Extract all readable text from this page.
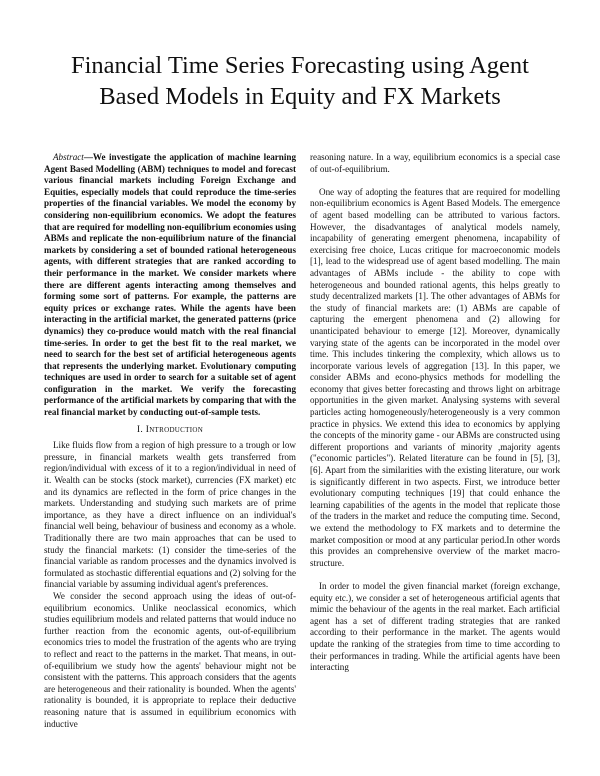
Financial Time Series Forecasting using Agent
Based Models in Equity and FX Markets

Abstract—We investigate the application of machine learning Agent Based Modelling (ABM) techniques to model and forecast various financial markets including Foreign Exchange and Equities, especially models that could reproduce the time-series properties of the financial variables. We model the economy by considering non-equilibrium economics. We adopt the features that are required for modelling non-equilibrium economies using ABMs and replicate the non-equilibrium nature of the financial markets by considering a set of bounded rational heterogeneous agents, with different strategies that are ranked according to their performance in the market. We consider markets where there are different agents interacting among themselves and forming some sort of patterns. For example, the patterns are equity prices or exchange rates. While the agents have been interacting in the artificial market, the generated patterns (price dynamics) they co-produce would match with the real financial time-series. In order to get the best fit to the real market, we need to search for the best set of artificial heterogeneous agents that represents the underlying market. Evolutionary computing techniques are used in order to search for a suitable set of agent configuration in the market. We verify the forecasting performance of the artificial markets by comparing that with the real financial market by conducting out-of-sample tests.

I. Introduction

Like fluids flow from a region of high pressure to a trough or low pressure, in financial markets wealth gets transferred from region/individual with excess of it to a region/individual in need of it. Wealth can be stocks (stock market), currencies (FX market) etc and its dynamics are reflected in the form of price changes in the markets. Understanding and studying such markets are of prime importance, as they have a direct influence on an individual's financial well being, behaviour of business and economy as a whole. Traditionally there are two main approaches that can be used to study the financial markets: (1) consider the time-series of the financial variable as random processes and the dynamics involved is formulated as stochastic differential equations and (2) solving for the financial variable by assuming individual agent's preferences.

We consider the second approach using the ideas of out-of-equilibrium economics. Unlike neoclassical economics, which studies equilibrium models and related patterns that would induce no further reaction from the economic agents, out-of-equilibrium economics tries to model the frustration of the agents who are trying to reflect and react to the patterns in the market. That means, in out-of-equilibrium we study how the agents' behaviour might not be consistent with the patterns. This approach considers that the agents are heterogeneous and their rationality is bounded. When the agents' rationality is bounded, it is appropriate to replace their deductive reasoning nature that is assumed in equilibrium economics with inductive

reasoning nature. In a way, equilibrium economics is a special case of out-of-equilibrium.

One way of adopting the features that are required for modelling non-equilibrium economics is Agent Based Models. The emergence of agent based modelling can be attributed to various factors. However, the disadvantages of analytical models namely, incapability of generating emergent phenomena, incapability of exercising free choice, Lucas critique for macroeconomic models [1], lead to the widespread use of agent based modelling. The main advantages of ABMs include - the ability to cope with heterogeneous and bounded rational agents, this helps greatly to study decentralized markets [1]. The other advantages of ABMs for the study of financial markets are: (1) ABMs are capable of capturing the emergent phenomena and (2) allowing for unanticipated behaviour to emerge [12]. Moreover, dynamically varying state of the agents can be incorporated in the model over time. This includes tinkering the complexity, which allows us to incorporate various levels of aggregation [13]. In this paper, we consider ABMs and econo-physics methods for modelling the economy that gives better forecasting and throws light on arbitrage opportunities in the given market. Analysing systems with several particles acting homogeneously/heterogeneously is a very common practice in physics. We extend this idea to economics by applying the concepts of the minority game - our ABMs are constructed using different proportions and variants of minority ,majority agents ("economic particles"). Related literature can be found in [5], [3], [6]. Apart from the similarities with the existing literature, our work is significantly different in two aspects. First, we introduce better evolutionary computing techniques [19] that could enhance the learning capabilities of the agents in the model that replicate those of the traders in the market and reduce the computing time. Second, we extend the methodology to FX markets and to determine the market composition or mood at any particular period.In other words this provides an comprehensive overview of the market macro-structure.

In order to model the given financial market (foreign exchange, equity etc.), we consider a set of heterogeneous artificial agents that mimic the behaviour of the agents in the real market. Each artificial agent has a set of different trading strategies that are ranked according to their performance in the market. The agents would update the ranking of the strategies from time to time according to their performances in trading. While the artificial agents have been interacting
